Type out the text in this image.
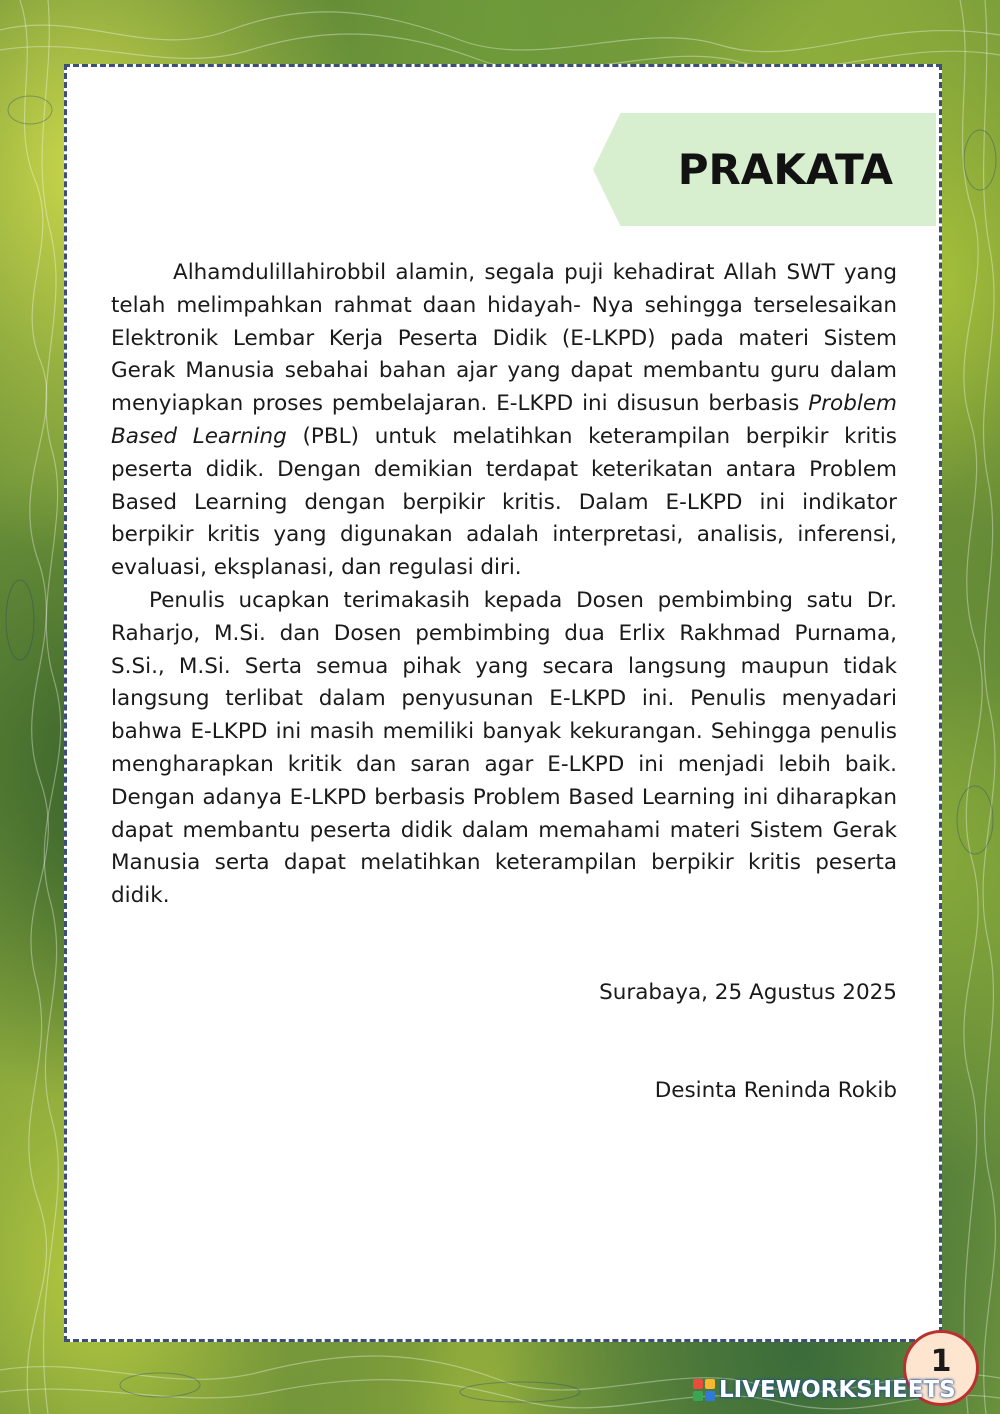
PRAKATA

Alhamdulillahirobbil alamin, segala puji kehadirat Allah SWT yang telah melimpahkan rahmat daan hidayah- Nya sehingga terselesaikan Elektronik Lembar Kerja Peserta Didik (E-LKPD) pada materi Sistem Gerak Manusia sebahai bahan ajar yang dapat membantu guru dalam menyiapkan proses pembelajaran. E-LKPD ini disusun berbasis Problem Based Learning (PBL) untuk melatihkan keterampilan berpikir kritis peserta didik. Dengan demikian terdapat keterikatan antara Problem Based Learning dengan berpikir kritis. Dalam E-LKPD ini indikator berpikir kritis yang digunakan adalah interpretasi, analisis, inferensi, evaluasi, eksplanasi, dan regulasi diri.

Penulis ucapkan terimakasih kepada Dosen pembimbing satu Dr. Raharjo, M.Si. dan Dosen pembimbing dua Erlix Rakhmad Purnama, S.Si., M.Si. Serta semua pihak yang secara langsung maupun tidak langsung terlibat dalam penyusunan E-LKPD ini. Penulis menyadari bahwa E-LKPD ini masih memiliki banyak kekurangan. Sehingga penulis mengharapkan kritik dan saran agar E-LKPD ini menjadi lebih baik. Dengan adanya E-LKPD berbasis Problem Based Learning ini diharapkan dapat membantu peserta didik dalam memahami materi Sistem Gerak Manusia serta dapat melatihkan keterampilan berpikir kritis peserta didik.

Surabaya, 25 Agustus 2025
Desinta Reninda Rokib
1
LIVEWORKSHEETS
